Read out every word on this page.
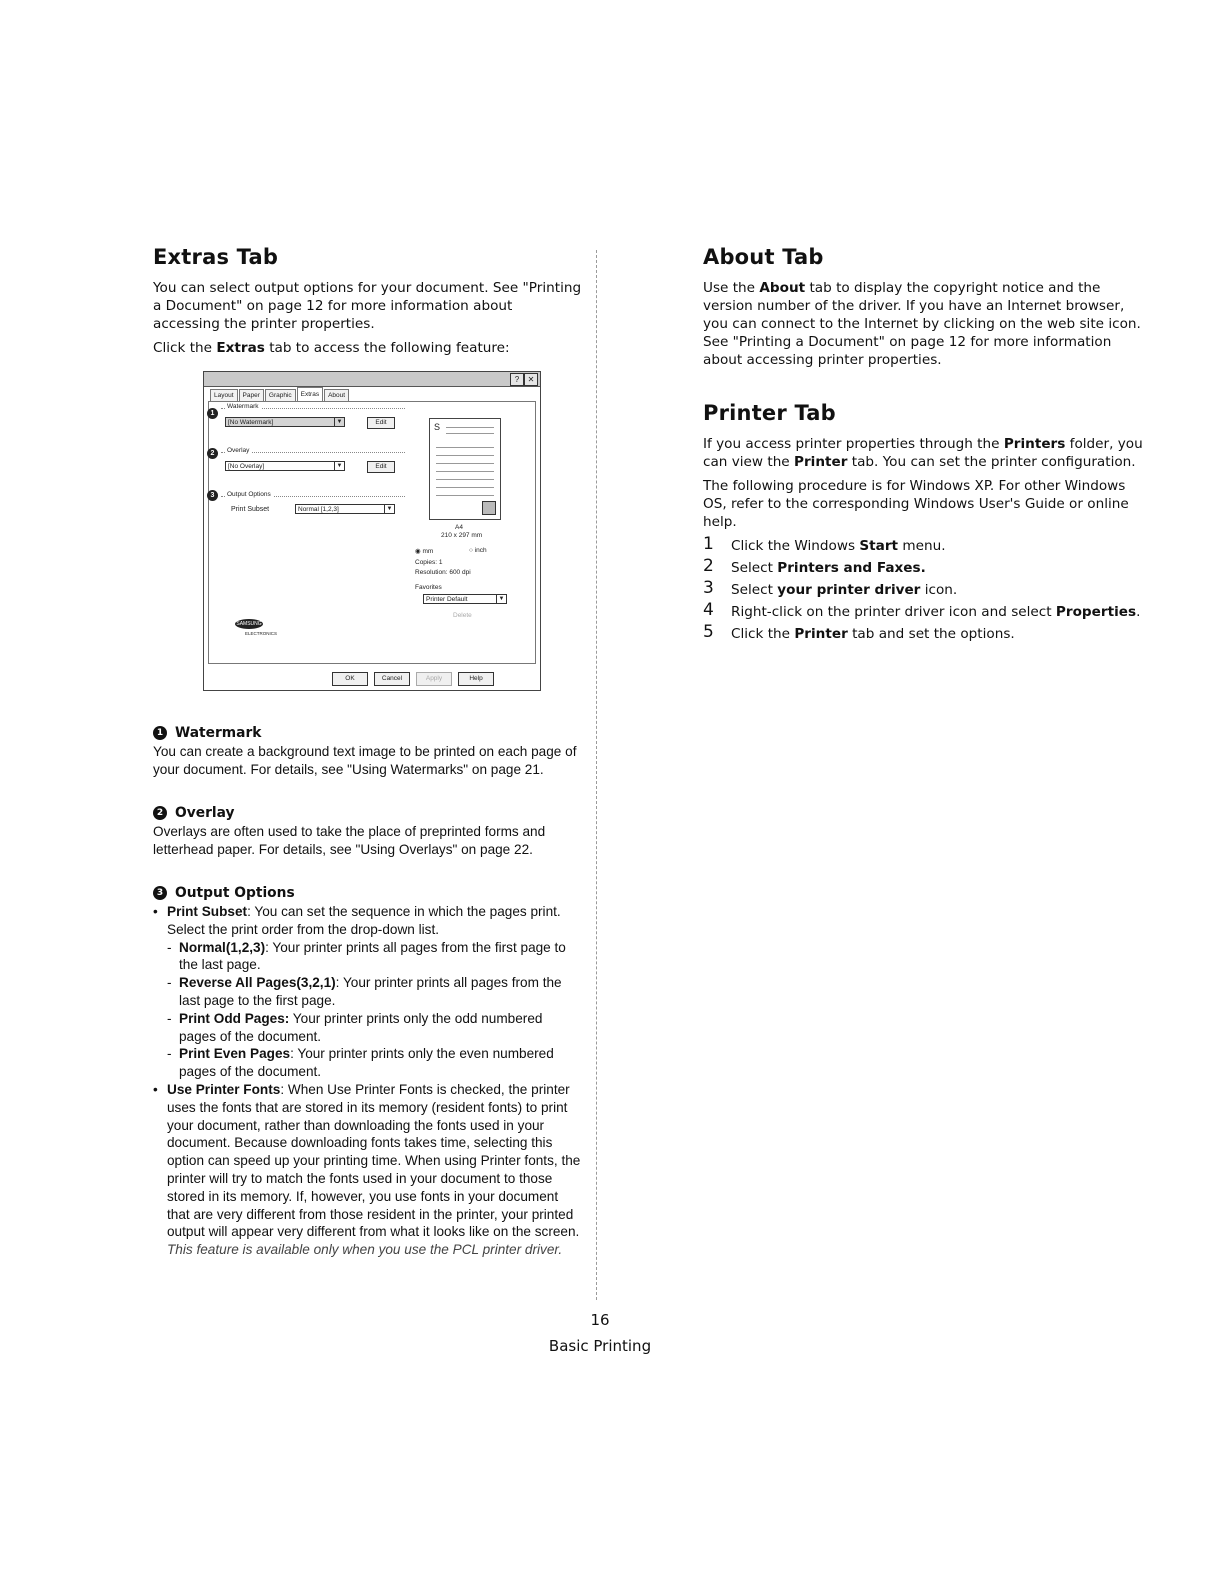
Extras Tab

You can select output options for your document. See "Printing a Document" on page 12 for more information about accessing the printer properties.

Click the Extras tab to access the following feature:

?	✕
Layout	Paper	Graphic	Extras	About
1
Watermark
[No Watermark]	▼	Edit
2	Overlay
[No Overlay]	▼	Edit
3	Output Options
Print Subset	Normal [1,2,3]	▼
S
A4
210 x 297 mm
◉ mm	○ inch
Copies: 1
Resolution: 600 dpi
Favorites
Printer Default	▼
Delete
SAMSUNG
ELECTRONICS
OK	Cancel	Apply	Help
1 Watermark

You can create a background text image to be printed on each page of your document. For details, see "Using Watermarks" on page 21.

2 Overlay

Overlays are often used to take the place of preprinted forms and letterhead paper. For details, see "Using Overlays" on page 22.

3 Output Options
• Print Subset: You can set the sequence in which the pages print. Select the print order from the drop-down list.
- Normal(1,2,3): Your printer prints all pages from the first page to the last page.
- Reverse All Pages(3,2,1): Your printer prints all pages from the last page to the first page.
- Print Odd Pages: Your printer prints only the odd numbered pages of the document.
- Print Even Pages: Your printer prints only the even numbered pages of the document.
• Use Printer Fonts: When Use Printer Fonts is checked, the printer uses the fonts that are stored in its memory (resident fonts) to print your document, rather than downloading the fonts used in your document. Because downloading fonts takes time, selecting this option can speed up your printing time. When using Printer fonts, the printer will try to match the fonts used in your document to those stored in its memory. If, however, you use fonts in your document that are very different from those resident in the printer, your printed output will appear very different from what it looks like on the screen. This feature is available only when you use the PCL printer driver.
About Tab

Use the About tab to display the copyright notice and the version number of the driver. If you have an Internet browser, you can connect to the Internet by clicking on the web site icon. See "Printing a Document" on page 12 for more information about accessing printer properties.

Printer Tab

If you access printer properties through the Printers folder, you can view the Printer tab. You can set the printer configuration.

The following procedure is for Windows XP. For other Windows OS, refer to the corresponding Windows User's Guide or online help.

1 Click the Windows Start menu.
2 Select Printers and Faxes.
3 Select your printer driver icon.
4 Right-click on the printer driver icon and select Properties.
5 Click the Printer tab and set the options.
16
Basic Printing
